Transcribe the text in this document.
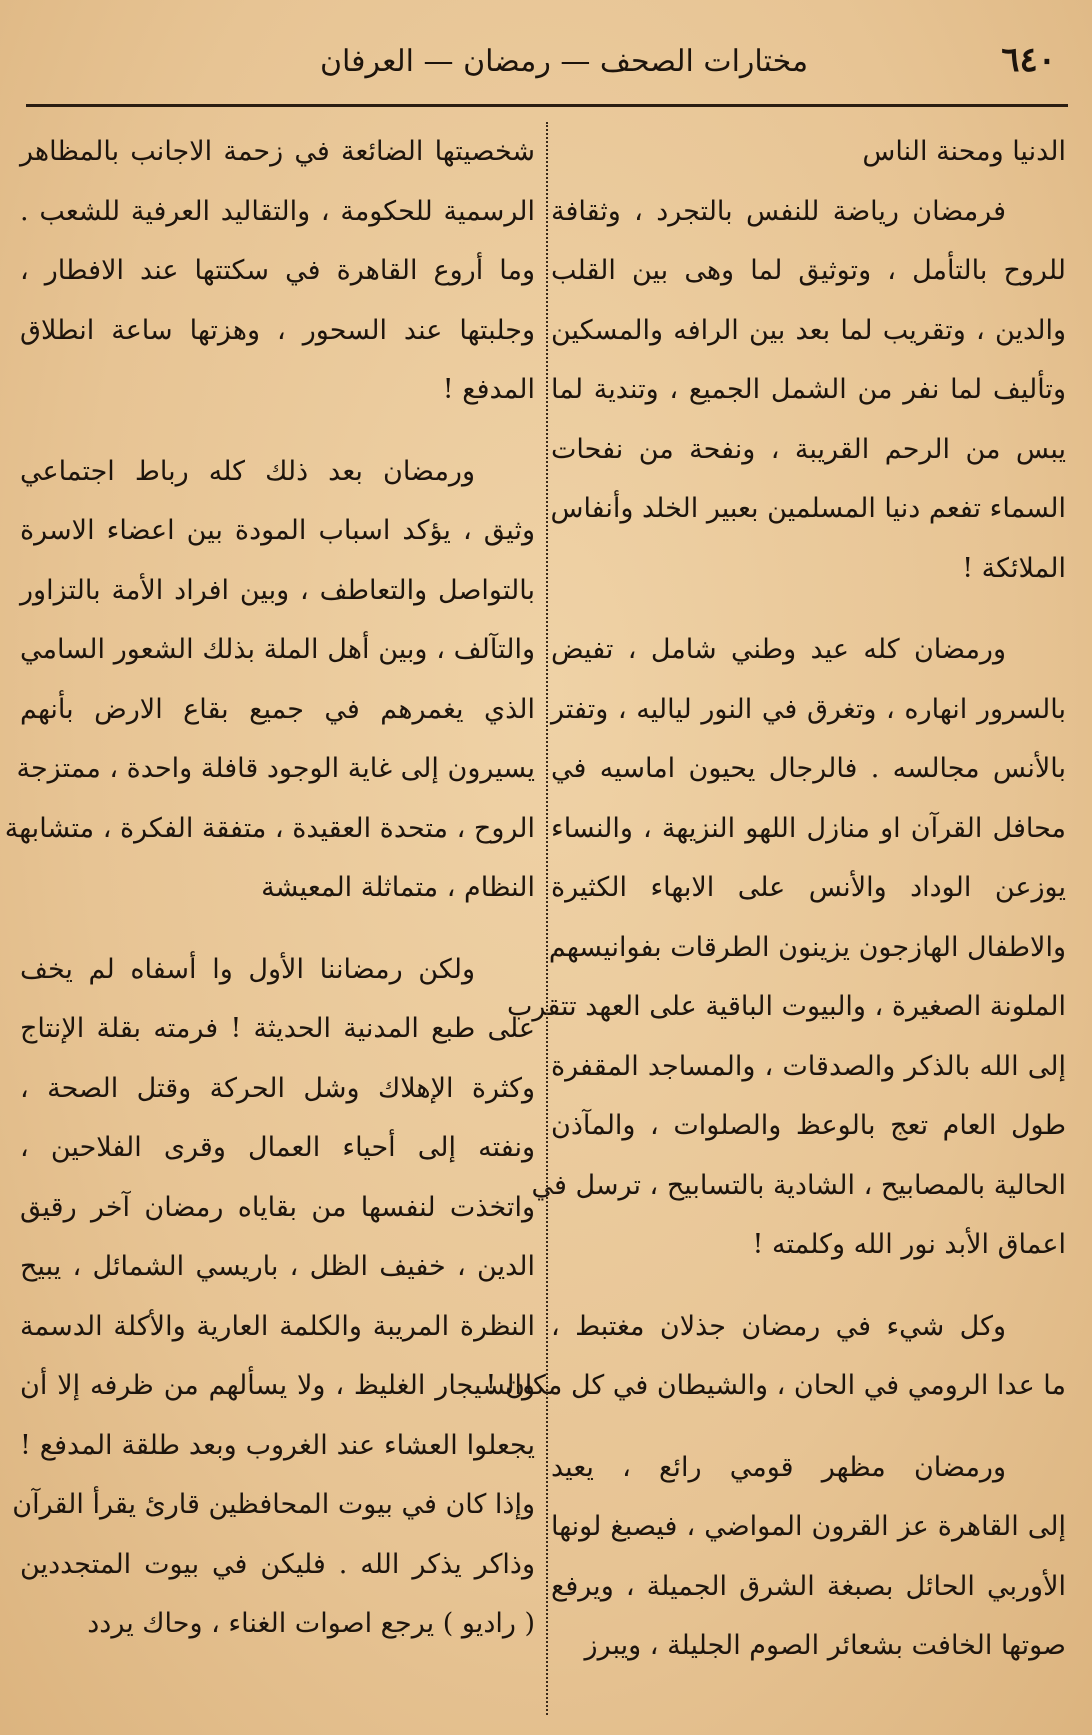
٦٤٠
مختارات الصحف — رمضان — العرفان
الدنيا ومحنة الناس
فرمضان رياضة للنفس بالتجرد ، وثقافة
للروح بالتأمل ، وتوثيق لما وهى بين القلب
والدين ، وتقريب لما بعد بين الرافه والمسكين
وتأليف لما نفر من الشمل الجميع ، وتندية لما
يبس من الرحم القريبة ، ونفحة من نفحات
السماء تفعم دنيا المسلمين بعبير الخلد وأنفاس
الملائكة !
ورمضان كله عيد وطني شامل ، تفيض
بالسرور انهاره ، وتغرق في النور لياليه ، وتفتر
بالأنس مجالسه . فالرجال يحيون اماسيه في
محافل القرآن او منازل اللهو النزيهة ، والنساء
يوزعن الوداد والأنس على الابهاء الكثيرة
والاطفال الهازجون يزينون الطرقات بفوانيسهم
الملونة الصغيرة ، والبيوت الباقية على العهد تتقرب
إلى الله بالذكر والصدقات ، والمساجد المقفرة
طول العام تعج بالوعظ والصلوات ، والمآذن
الحالية بالمصابيح ، الشادية بالتسابيح ، ترسل في
اعماق الأبد نور الله وكلمته !
وكل شيء في رمضان جذلان مغتبط ،
ما عدا الرومي في الحان ، والشيطان في كل مكان !
ورمضان مظهر قومي رائع ، يعيد
إلى القاهرة عز القرون المواضي ، فيصبغ لونها
الأوربي الحائل بصبغة الشرق الجميلة ، ويرفع
صوتها الخافت بشعائر الصوم الجليلة ، ويبرز
شخصيتها الضائعة في زحمة الاجانب بالمظاهر
الرسمية للحكومة ، والتقاليد العرفية للشعب .
وما أروع القاهرة في سكتتها عند الافطار ،
وجلبتها عند السحور ، وهزتها ساعة انطلاق
المدفع !
ورمضان بعد ذلك كله رباط اجتماعي
وثيق ، يؤكد اسباب المودة بين اعضاء الاسرة
بالتواصل والتعاطف ، وبين افراد الأمة بالتزاور
والتآلف ، وبين أهل الملة بذلك الشعور السامي
الذي يغمرهم في جميع بقاع الارض بأنهم
يسيرون إلى غاية الوجود قافلة واحدة ، ممتزجة
الروح ، متحدة العقيدة ، متفقة الفكرة ، متشابهة
النظام ، متماثلة المعيشة
ولكن رمضاننا الأول وا أسفاه لم يخف
على طبع المدنية الحديثة ! فرمته بقلة الإنتاج
وكثرة الإهلاك وشل الحركة وقتل الصحة ،
ونفته إلى أحياء العمال وقرى الفلاحين ،
واتخذت لنفسها من بقاياه رمضان آخر رقيق
الدين ، خفيف الظل ، باريسي الشمائل ، يبيح
النظرة المريبة والكلمة العارية والأكلة الدسمة
والسيجار الغليظ ، ولا يسألهم من ظرفه إلا أن
يجعلوا العشاء عند الغروب وبعد طلقة المدفع !
وإذا كان في بيوت المحافظين قارئ يقرأ القرآن
وذاكر يذكر الله . فليكن في بيوت المتجددين
( راديو ) يرجع اصوات الغناء ، وحاك يردد
